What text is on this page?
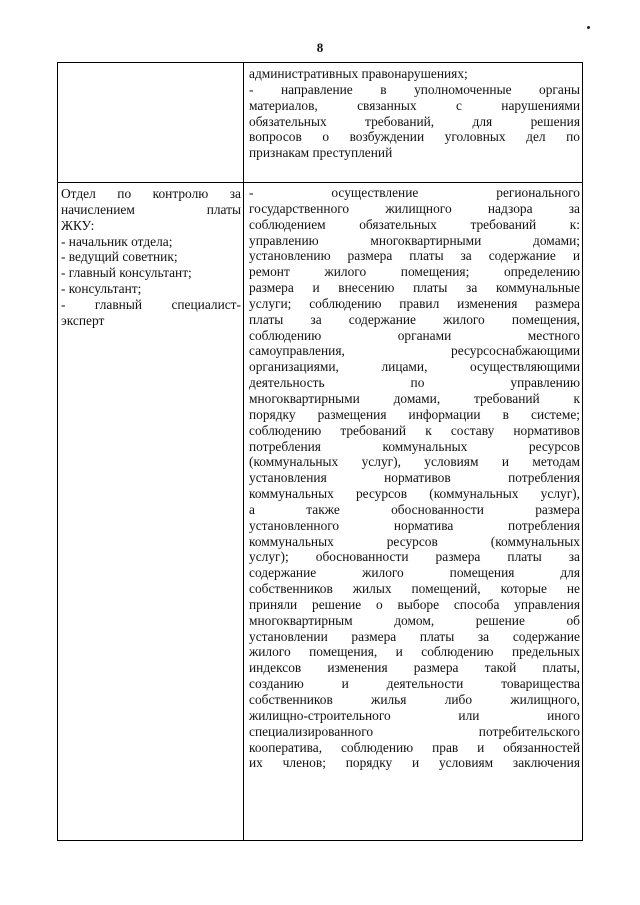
8
административных правонарушениях;
- направление в уполномоченные органы
материалов, связанных с нарушениями
обязательных требований, для решения
вопросов о возбуждении уголовных дел по
признакам преступлений
Отдел по контролю за
начислением платы
ЖКУ:
- начальник отдела;
- ведущий советник;
- главный консультант;
- консультант;
- главный специалист-
эксперт
- осуществление регионального
государственного жилищного надзора за
соблюдением обязательных требований к:
управлению многоквартирными домами;
установлению размера платы за содержание и
ремонт жилого помещения; определению
размера и внесению платы за коммунальные
услуги; соблюдению правил изменения размера
платы за содержание жилого помещения,
соблюдению органами местного
самоуправления, ресурсоснабжающими
организациями, лицами, осуществляющими
деятельность по управлению
многоквартирными домами, требований к
порядку размещения информации в системе;
соблюдению требований к составу нормативов
потребления коммунальных ресурсов
(коммунальных услуг), условиям и методам
установления нормативов потребления
коммунальных ресурсов (коммунальных услуг),
а также обоснованности размера
установленного норматива потребления
коммунальных ресурсов (коммунальных
услуг); обоснованности размера платы за
содержание жилого помещения для
собственников жилых помещений, которые не
приняли решение о выборе способа управления
многоквартирным домом, решение об
установлении размера платы за содержание
жилого помещения, и соблюдению предельных
индексов изменения размера такой платы,
созданию и деятельности товарищества
собственников жилья либо жилищного,
жилищно-строительного или иного
специализированного потребительского
кооператива, соблюдению прав и обязанностей
их членов; порядку и условиям заключения
